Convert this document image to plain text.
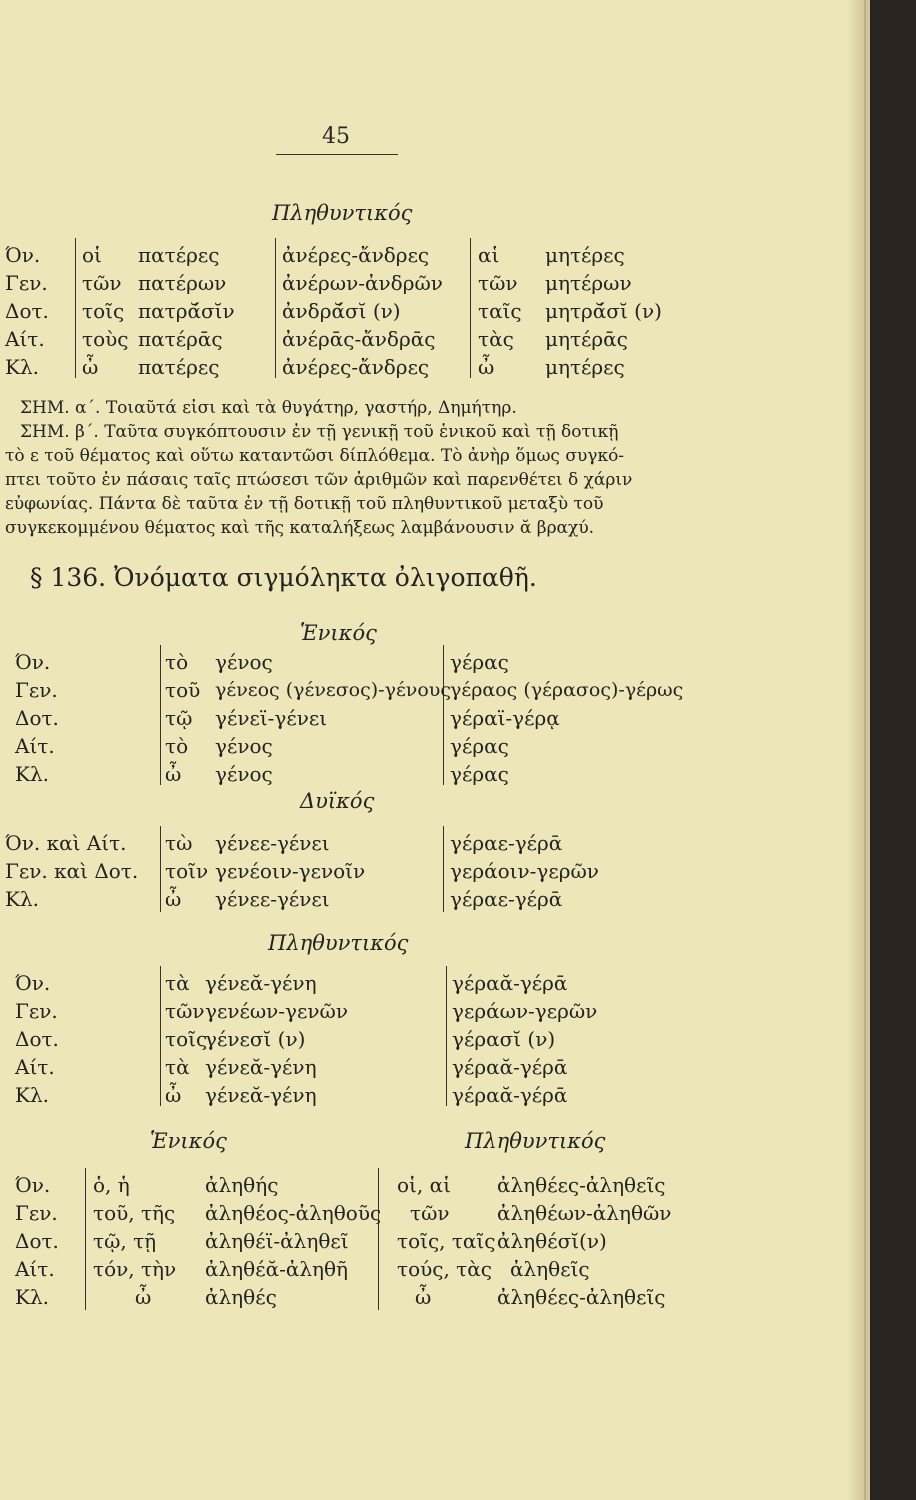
45
Πληθυντικός
Όν.
Γεν.
Δοτ.
Αίτ.
Κλ.
οἱ
τῶν
τοῖς
τοὺς
ὦ
πατέρες
πατέρων
πατρᾰ́σῐν
πατέρᾱς
πατέρες
ἀνέρες-ἄνδρες
ἀνέρων-ἀνδρῶν
ἀνδρᾰ́σῐ (ν)
ἀνέρᾱς-ἄνδρᾱς
ἀνέρες-ἄνδρες
αἱ
τῶν
ταῖς
τὰς
ὦ
μητέρες
μητέρων
μητρᾰ́σῐ (ν)
μητέρᾱς
μητέρες
ΣΗΜ. α΄. Τοιαῦτά εἰσι καὶ τὰ θυγάτηρ, γαστήρ, Δημήτηρ.
ΣΗΜ. β΄. Ταῦτα συγκόπτουσιν ἐν τῇ γενικῇ τοῦ ἑνικοῦ καὶ τῇ δοτικῇ
τὸ ε τοῦ θέματος καὶ οὕτω καταντῶσι δίπλόθεμα. Τὸ ἀνὴρ ὅμως συγκό-
πτει τοῦτο ἐν πάσαις ταῖς πτώσεσι τῶν ἀριθμῶν καὶ παρενθέτει δ χάριν
εὐφωνίας. Πάντα δὲ ταῦτα ἐν τῇ δοτικῇ τοῦ πληθυντικοῦ μεταξὺ τοῦ
συγκεκομμένου θέματος καὶ τῆς καταλήξεως λαμβάνουσιν ᾰ βραχύ.
§ 136. Ὀνόματα σιγμόληκτα ὀλιγοπαθῆ.
Ἑνικός
Όν.
Γεν.
Δοτ.
Αίτ.
Κλ.
τὸ
τοῦ
τῷ
τὸ
ὦ
γένος
γένεος (γένεσος)-γένους
γένεϊ-γένει
γένος
γένος
γέρας
γέραος (γέρασος)-γέρως
γέραϊ-γέρᾳ
γέρας
γέρας
Δυϊκός
Όν. καὶ Αίτ.
Γεν. καὶ Δοτ.
Κλ.
τὼ
τοῖν
ὦ
γένεε-γένει
γενέοιν-γενοῖν
γένεε-γένει
γέραε-γέρᾱ
γεράοιν-γερῶν
γέραε-γέρᾱ
Πληθυντικός
Όν.
Γεν.
Δοτ.
Αίτ.
Κλ.
τὰ
τῶν
τοῖς
τὰ
ὦ
γένεᾰ-γένη
γενέων-γενῶν
γένεσῐ (ν)
γένεᾰ-γένη
γένεᾰ-γένη
γέραᾰ-γέρᾱ
γεράων-γερῶν
γέρασῐ (ν)
γέραᾰ-γέρᾱ
γέραᾰ-γέρᾱ
Ἑνικός	Πληθυντικός
Όν.
Γεν.
Δοτ.
Αίτ.
Κλ.
ὁ, ἡ
τοῦ, τῆς
τῷ, τῇ
τόν, τὴν
ὦ
ἀληθής
ἀληθέος-ἀληθοῦς
ἀληθέϊ-ἀληθεῖ
ἀληθέᾰ-ἀληθῆ
ἀληθές
οἱ, αἱ
τῶν
τοῖς, ταῖς
τούς, τὰς
ὦ
ἀληθέες-ἀληθεῖς
ἀληθέων-ἀληθῶν
ἀληθέσῐ(ν)
ἀληθεῖς
ἀληθέες-ἀληθεῖς
